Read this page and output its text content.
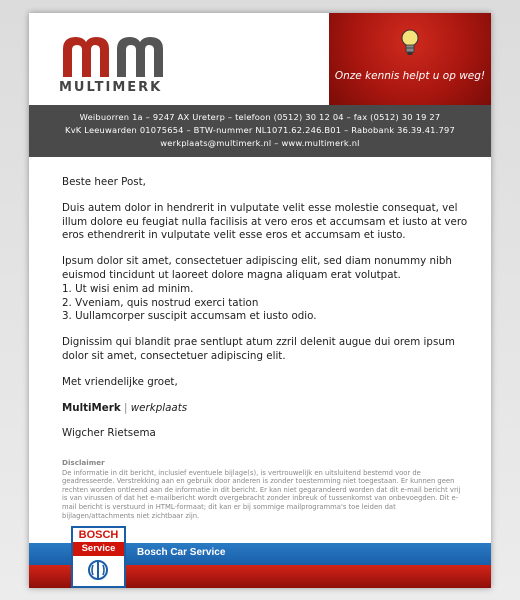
MULTIMERK
Onze kennis helpt u op weg!
Weibuorren 1a – 9247 AX Ureterp – telefoon (0512) 30 12 04 – fax (0512) 30 19 27
KvK Leeuwarden 01075654 – BTW-nummer NL1071.62.246.B01 – Rabobank 36.39.41.797
werkplaats@multimerk.nl – www.multimerk.nl

Beste heer Post,

Duis autem dolor in hendrerit in vulputate velit esse molestie consequat, vel illum dolore eu feugiat nulla facilisis at vero eros et accumsam et iusto at vero eros ethendrerit in vulputate velit esse eros et accumsam et iusto.

Ipsum dolor sit amet, consectetuer adipiscing elit, sed diam nonummy nibh euismod tincidunt ut laoreet dolore magna aliquam erat volutpat.

1. Ut wisi enim ad minim.
2. Vveniam, quis nostrud exerci tation
3. Uullamcorper suscipit accumsam et iusto odio.

Dignissim qui blandit prae sentlupt atum zzril delenit augue dui orem ipsum dolor sit amet, consectetuer adipiscing elit.

Met vriendelijke groet,

MultiMerk | werkplaats
Wigcher Rietsema
Disclaimer
De informatie in dit bericht, inclusief eventuele bijlage(s), is vertrouwelijk en uitsluitend bestemd voor de geadresseerde. Verstrekking aan en gebruik door anderen is zonder toestemming niet toegestaan. Er kunnen geen rechten worden ontleend aan de informatie in dit bericht. Er kan niet gegarandeerd worden dat dit e-mail bericht vrij is van virussen of dat het e-mailbericht wordt overgebracht zonder inbreuk of tussenkomst van onbevoegden. Dit e-mail bericht is verstuurd in HTML-formaat; dit kan er bij sommige mailprogramma's toe leiden dat bijlagen/attachments niet zichtbaar zijn.
Bosch Car Service
BOSCH
Service
